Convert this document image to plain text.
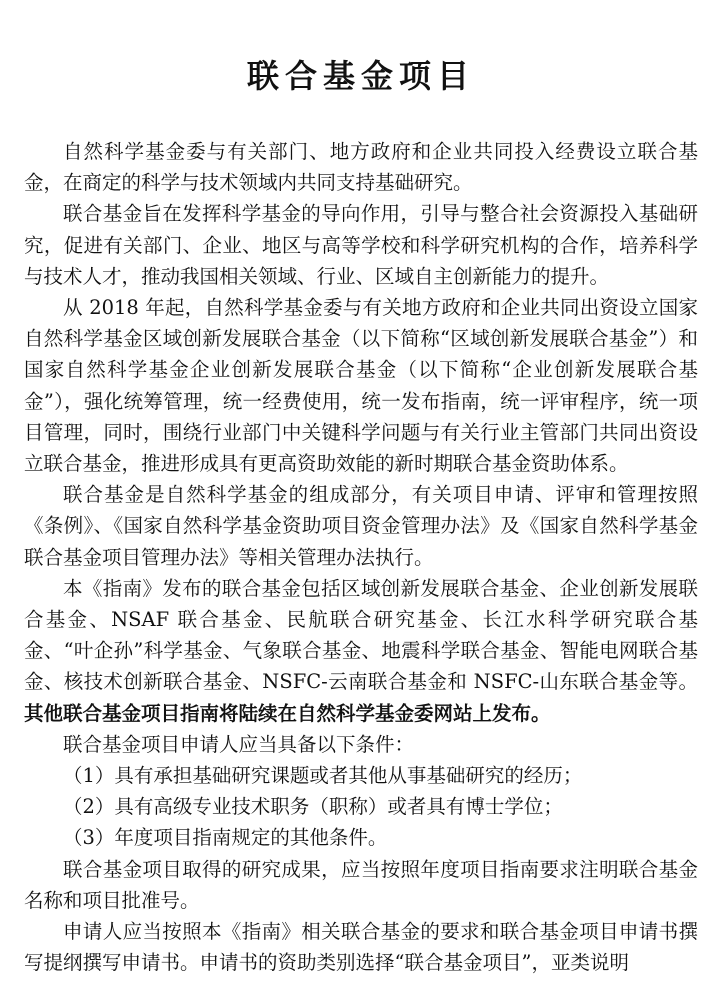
联合基金项目

自然科学基金委与有关部门、地方政府和企业共同投入经费设立联合基金，在商定的科学与技术领域内共同支持基础研究。

联合基金旨在发挥科学基金的导向作用，引导与整合社会资源投入基础研究，促进有关部门、企业、地区与高等学校和科学研究机构的合作，培养科学与技术人才，推动我国相关领域、行业、区域自主创新能力的提升。

从 2018 年起，自然科学基金委与有关地方政府和企业共同出资设立国家自然科学基金区域创新发展联合基金（以下简称“区域创新发展联合基金”）和国家自然科学基金企业创新发展联合基金（以下简称“企业创新发展联合基金”），强化统筹管理，统一经费使用，统一发布指南，统一评审程序，统一项目管理，同时，围绕行业部门中关键科学问题与有关行业主管部门共同出资设立联合基金，推进形成具有更高资助效能的新时期联合基金资助体系。

联合基金是自然科学基金的组成部分，有关项目申请、评审和管理按照《条例》、《国家自然科学基金资助项目资金管理办法》及《国家自然科学基金联合基金项目管理办法》等相关管理办法执行。

本《指南》发布的联合基金包括区域创新发展联合基金、企业创新发展联合基金、NSAF 联合基金、民航联合研究基金、长江水科学研究联合基金、“叶企孙”科学基金、气象联合基金、地震科学联合基金、智能电网联合基金、核技术创新联合基金、NSFC-云南联合基金和 NSFC-山东联合基金等。其他联合基金项目指南将陆续在自然科学基金委网站上发布。

联合基金项目申请人应当具备以下条件：

（1）具有承担基础研究课题或者其他从事基础研究的经历；

（2）具有高级专业技术职务（职称）或者具有博士学位；

（3）年度项目指南规定的其他条件。

联合基金项目取得的研究成果，应当按照年度项目指南要求注明联合基金名称和项目批准号。

申请人应当按照本《指南》相关联合基金的要求和联合基金项目申请书撰写提纲撰写申请书。申请书的资助类别选择“联合基金项目”，亚类说明
